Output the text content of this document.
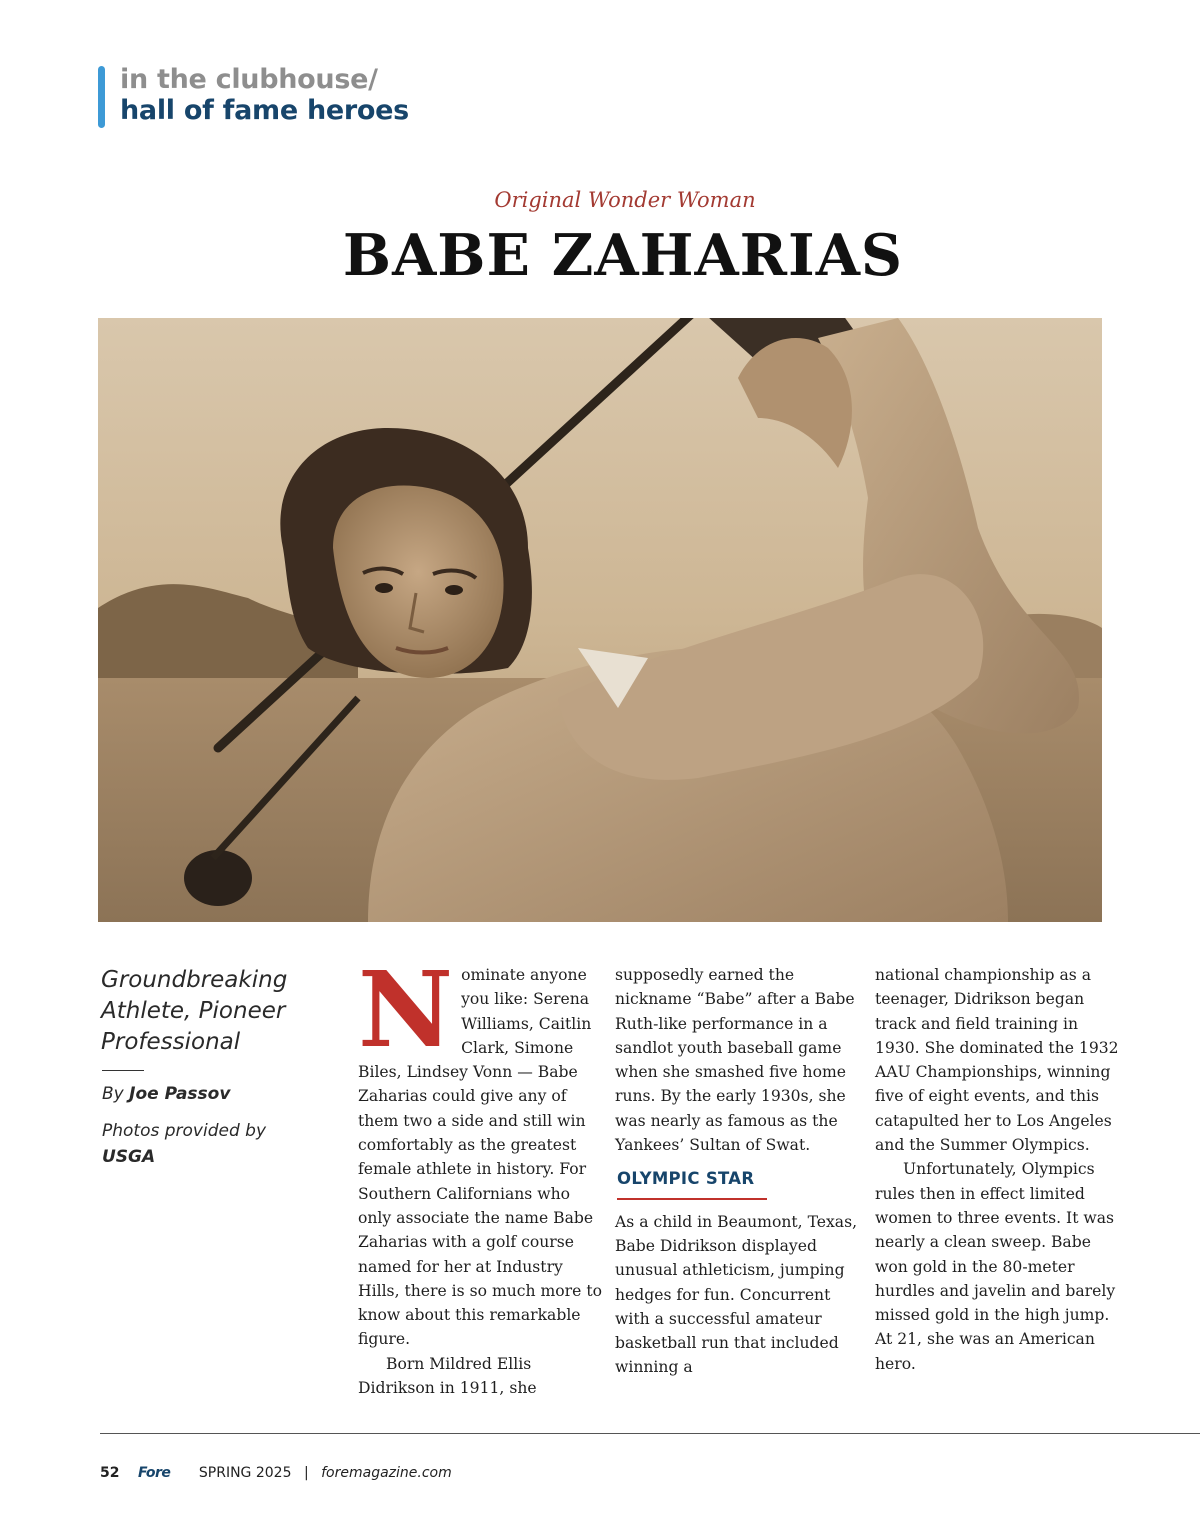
in the clubhouse/
hall of fame heroes
Original Wonder Woman
BABE ZAHARIAS
Groundbreaking Athlete, Pioneer Professional
By Joe Passov
Photos provided by USGA
N ominate anyone
you like: Serena
Williams, Caitlin
Clark, Simone
Biles, Lindsey Vonn — Babe Zaharias could give any of them two a side and still win comfortably as the greatest female athlete in history. For Southern Californians who only associate the name Babe Zaharias with a golf course named for her at Industry Hills, there is so much more to know about this remarkable figure.

Born Mildred Ellis Didrikson in 1911, she

supposedly earned the nickname “Babe” after a Babe Ruth-like performance in a sandlot youth baseball game when she smashed five home runs. By the early 1930s, she was nearly as famous as the Yankees’ Sultan of Swat.

OLYMPIC STAR

As a child in Beaumont, Texas, Babe Didrikson displayed unusual athleticism, jumping hedges for fun. Concurrent with a successful amateur basketball run that included winning a

national championship as a teenager, Didrikson began track and field training in 1930. She dominated the 1932 AAU Championships, winning five of eight events, and this catapulted her to Los Angeles and the Summer Olympics.

Unfortunately, Olympics rules then in effect limited women to three events. It was nearly a clean sweep. Babe won gold in the 80-meter hurdles and javelin and barely missed gold in the high jump. At 21, she was an American hero.

52 Fore SPRING 2025 | foremagazine.com
